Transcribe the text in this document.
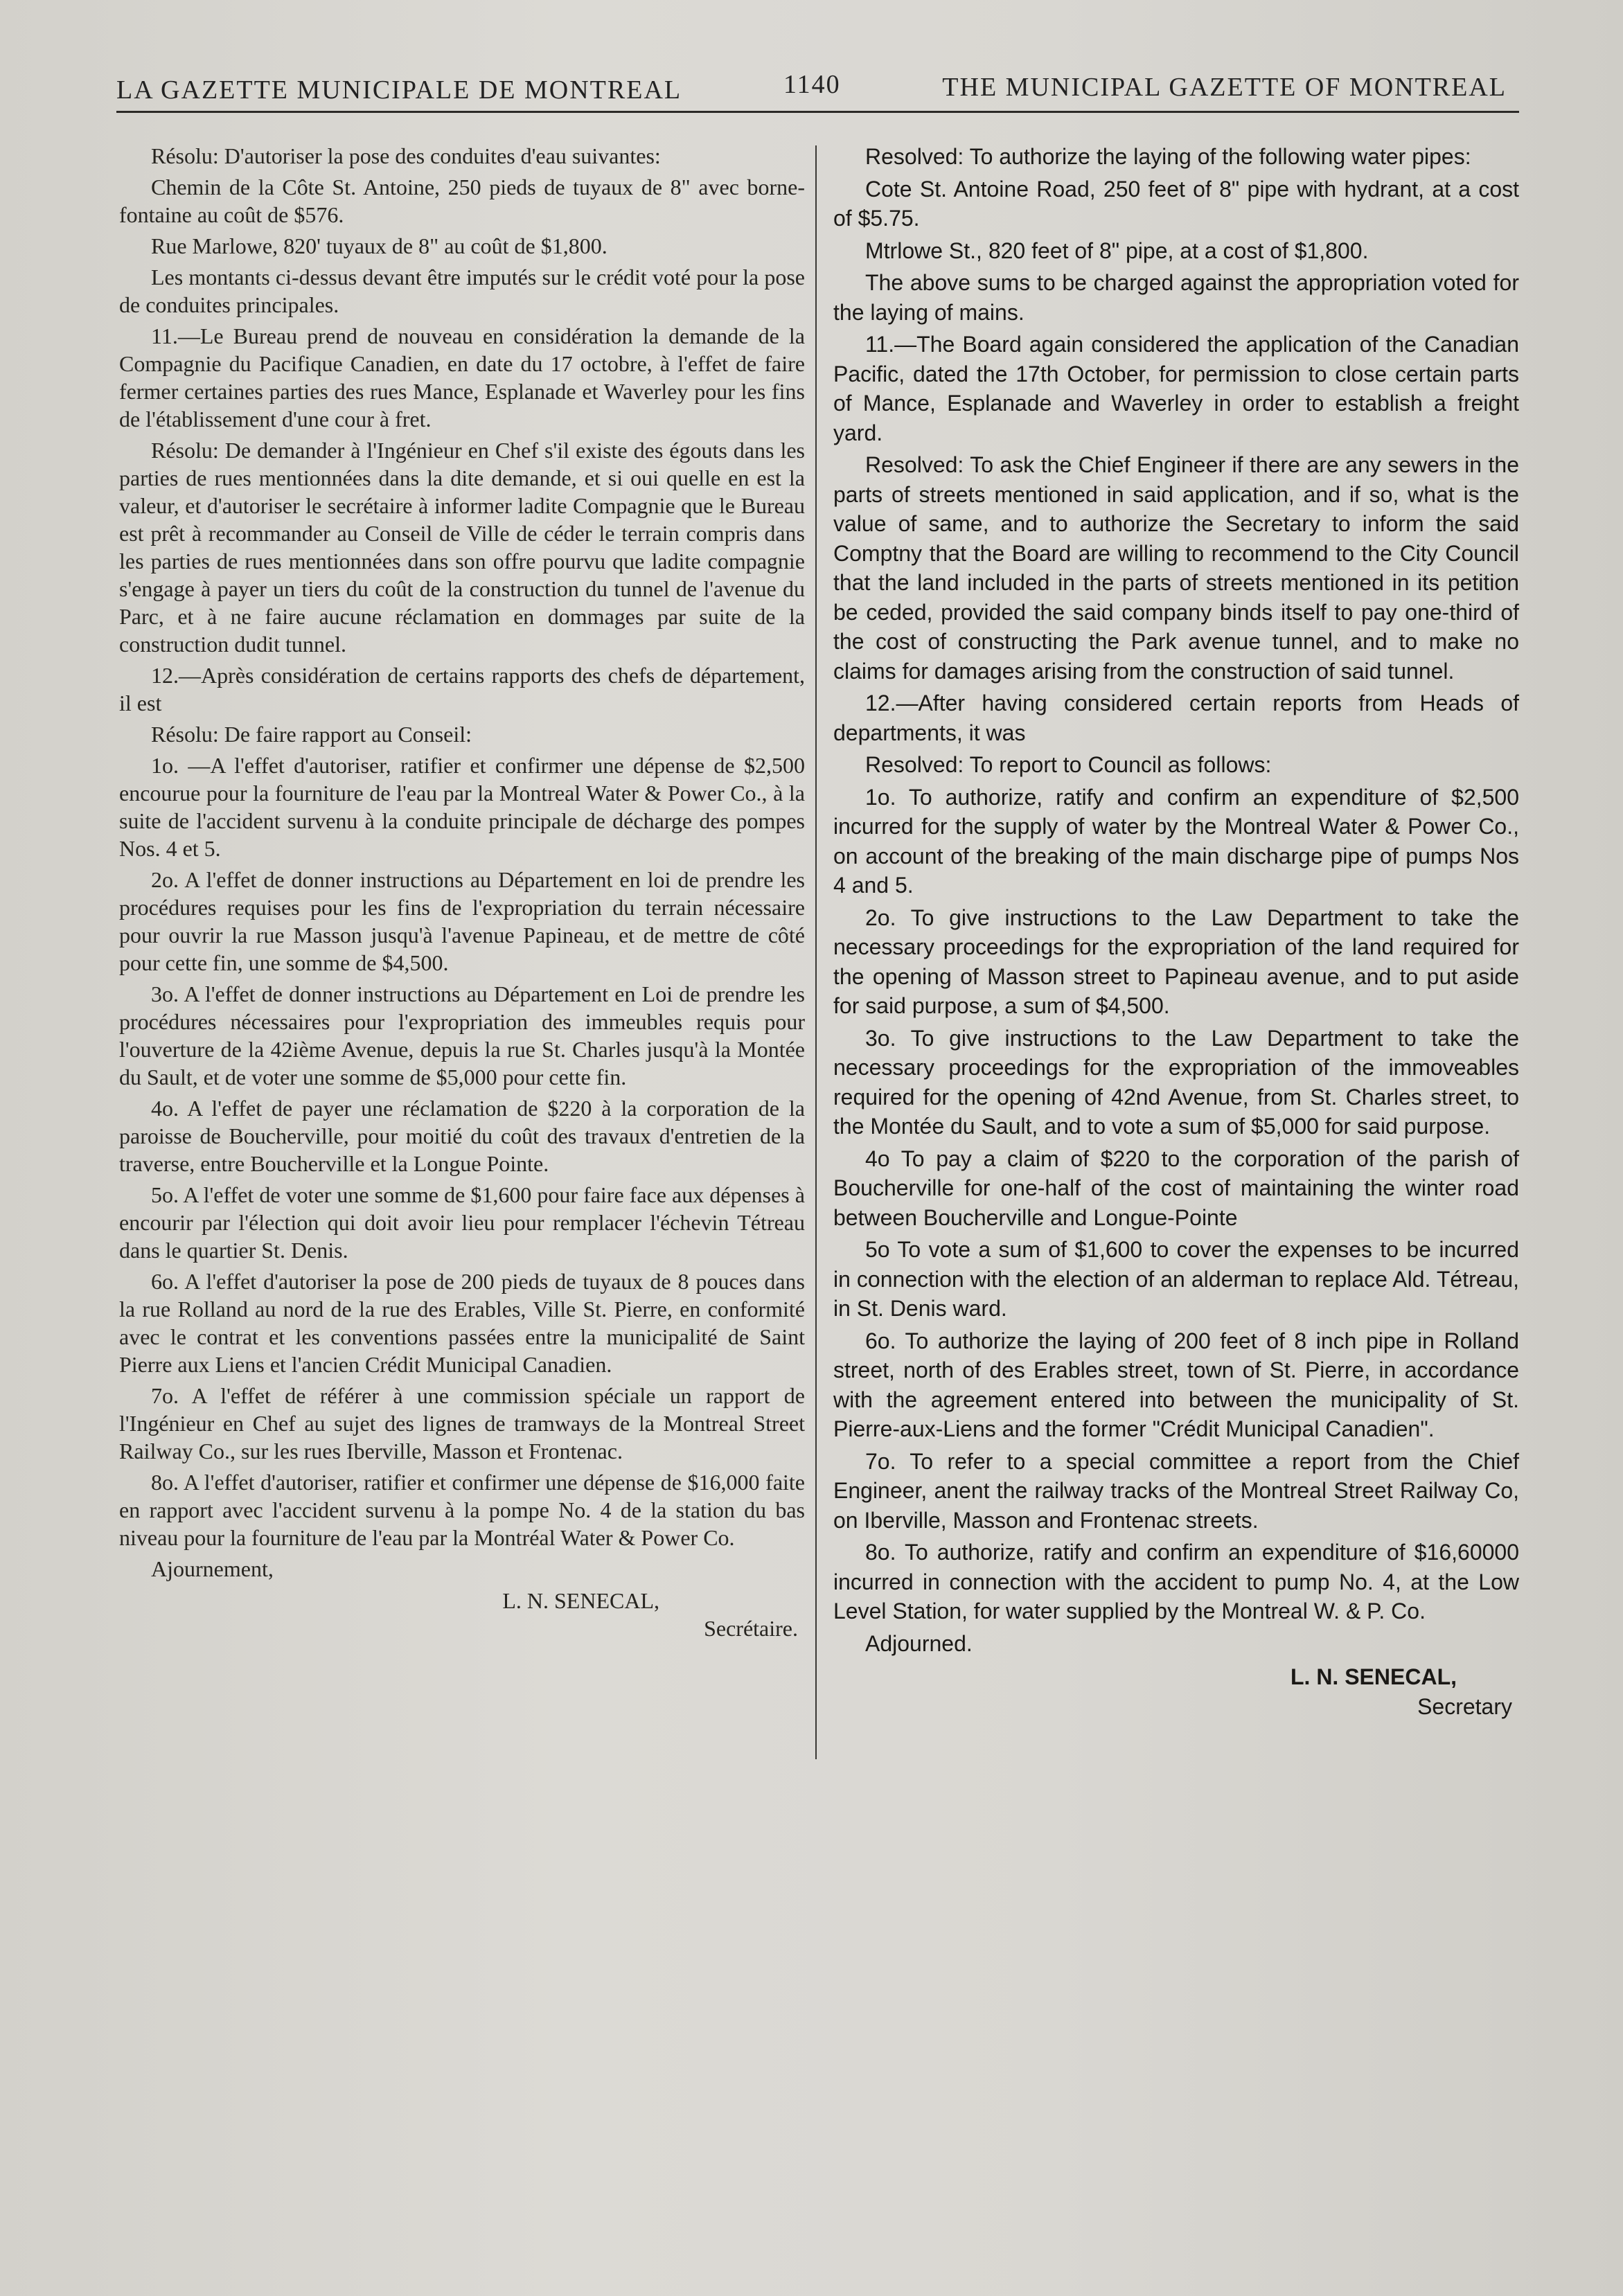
LA GAZETTE MUNICIPALE DE MONTREAL	1140	THE MUNICIPAL GAZETTE OF MONTREAL

Résolu: D'autoriser la pose des conduites d'eau suivantes:

Chemin de la Côte St. Antoine, 250 pieds de tuyaux de 8" avec borne-fontaine au coût de $576.

Rue Marlowe, 820' tuyaux de 8" au coût de $1,800.

Les montants ci-dessus devant être imputés sur le crédit voté pour la pose de conduites principales.

11.—Le Bureau prend de nouveau en considération la demande de la Compagnie du Pacifique Canadien, en date du 17 octobre, à l'effet de faire fermer certaines parties des rues Mance, Esplanade et Waverley pour les fins de l'établissement d'une cour à fret.

Résolu: De demander à l'Ingénieur en Chef s'il existe des égouts dans les parties de rues mentionnées dans la dite demande, et si oui quelle en est la valeur, et d'autoriser le secrétaire à informer ladite Compagnie que le Bureau est prêt à recommander au Conseil de Ville de céder le terrain compris dans les parties de rues mentionnées dans son offre pourvu que ladite compagnie s'engage à payer un tiers du coût de la construction du tunnel de l'avenue du Parc, et à ne faire aucune réclamation en dommages par suite de la construction dudit tunnel.

12.—Après considération de certains rapports des chefs de département, il est

Résolu: De faire rapport au Conseil:

1o. —A l'effet d'autoriser, ratifier et confirmer une dépense de $2,500 encourue pour la fourniture de l'eau par la Montreal Water & Power Co., à la suite de l'accident survenu à la conduite principale de décharge des pompes Nos. 4 et 5.

2o. A l'effet de donner instructions au Département en loi de prendre les procédures requises pour les fins de l'expropriation du terrain nécessaire pour ouvrir la rue Masson jusqu'à l'avenue Papineau, et de mettre de côté pour cette fin, une somme de $4,500.

3o. A l'effet de donner instructions au Département en Loi de prendre les procédures nécessaires pour l'expropriation des immeubles requis pour l'ouverture de la 42ième Avenue, depuis la rue St. Charles jusqu'à la Montée du Sault, et de voter une somme de $5,000 pour cette fin.

4o. A l'effet de payer une réclamation de $220 à la corporation de la paroisse de Boucherville, pour moitié du coût des travaux d'entretien de la traverse, entre Boucherville et la Longue Pointe.

5o. A l'effet de voter une somme de $1,600 pour faire face aux dépenses à encourir par l'élection qui doit avoir lieu pour remplacer l'échevin Tétreau dans le quartier St. Denis.

6o. A l'effet d'autoriser la pose de 200 pieds de tuyaux de 8 pouces dans la rue Rolland au nord de la rue des Erables, Ville St. Pierre, en conformité avec le contrat et les conventions passées entre la municipalité de Saint Pierre aux Liens et l'ancien Crédit Municipal Canadien.

7o. A l'effet de référer à une commission spéciale un rapport de l'Ingénieur en Chef au sujet des lignes de tramways de la Montreal Street Railway Co., sur les rues Iberville, Masson et Frontenac.

8o. A l'effet d'autoriser, ratifier et confirmer une dépense de $16,000 faite en rapport avec l'accident survenu à la pompe No. 4 de la station du bas niveau pour la fourniture de l'eau par la Montréal Water & Power Co.

Ajournement,

L. N. SENECAL,
Secrétaire.

Resolved: To authorize the laying of the following water pipes:

Cote St. Antoine Road, 250 feet of 8" pipe with hydrant, at a cost of $5.75.

Mtrlowe St., 820 feet of 8" pipe, at a cost of $1,800.

The above sums to be charged against the appropriation voted for the laying of mains.

11.—The Board again considered the application of the Canadian Pacific, dated the 17th October, for permission to close certain parts of Mance, Esplanade and Waverley in order to establish a freight yard.

Resolved: To ask the Chief Engineer if there are any sewers in the parts of streets mentioned in said application, and if so, what is the value of same, and to authorize the Secretary to inform the said Comptny that the Board are willing to recommend to the City Council that the land included in the parts of streets mentioned in its petition be ceded, provided the said company binds itself to pay one-third of the cost of constructing the Park avenue tunnel, and to make no claims for damages arising from the construction of said tunnel.

12.—After having considered certain reports from Heads of departments, it was

Resolved: To report to Council as follows:

1o. To authorize, ratify and confirm an expenditure of $2,500 incurred for the supply of water by the Montreal Water & Power Co., on account of the breaking of the main discharge pipe of pumps Nos 4 and 5.

2o. To give instructions to the Law Department to take the necessary proceedings for the expropriation of the land required for the opening of Masson street to Papineau avenue, and to put aside for said purpose, a sum of $4,500.

3o. To give instructions to the Law Department to take the necessary proceedings for the expropriation of the immoveables required for the opening of 42nd Avenue, from St. Charles street, to the Montée du Sault, and to vote a sum of $5,000 for said purpose.

4o To pay a claim of $220 to the corporation of the parish of Boucherville for one-half of the cost of maintaining the winter road between Boucherville and Longue-Pointe

5o To vote a sum of $1,600 to cover the expenses to be incurred in connection with the election of an alderman to replace Ald. Tétreau, in St. Denis ward.

6o. To authorize the laying of 200 feet of 8 inch pipe in Rolland street, north of des Erables street, town of St. Pierre, in accordance with the agreement entered into between the municipality of St. Pierre-aux-Liens and the former "Crédit Municipal Canadien".

7o. To refer to a special committee a report from the Chief Engineer, anent the railway tracks of the Montreal Street Railway Co, on Iberville, Masson and Frontenac streets.

8o. To authorize, ratify and confirm an expenditure of $16,60000 incurred in connection with the accident to pump No. 4, at the Low Level Station, for water supplied by the Montreal W. & P. Co.

Adjourned.

L. N. SENECAL,
Secretary
